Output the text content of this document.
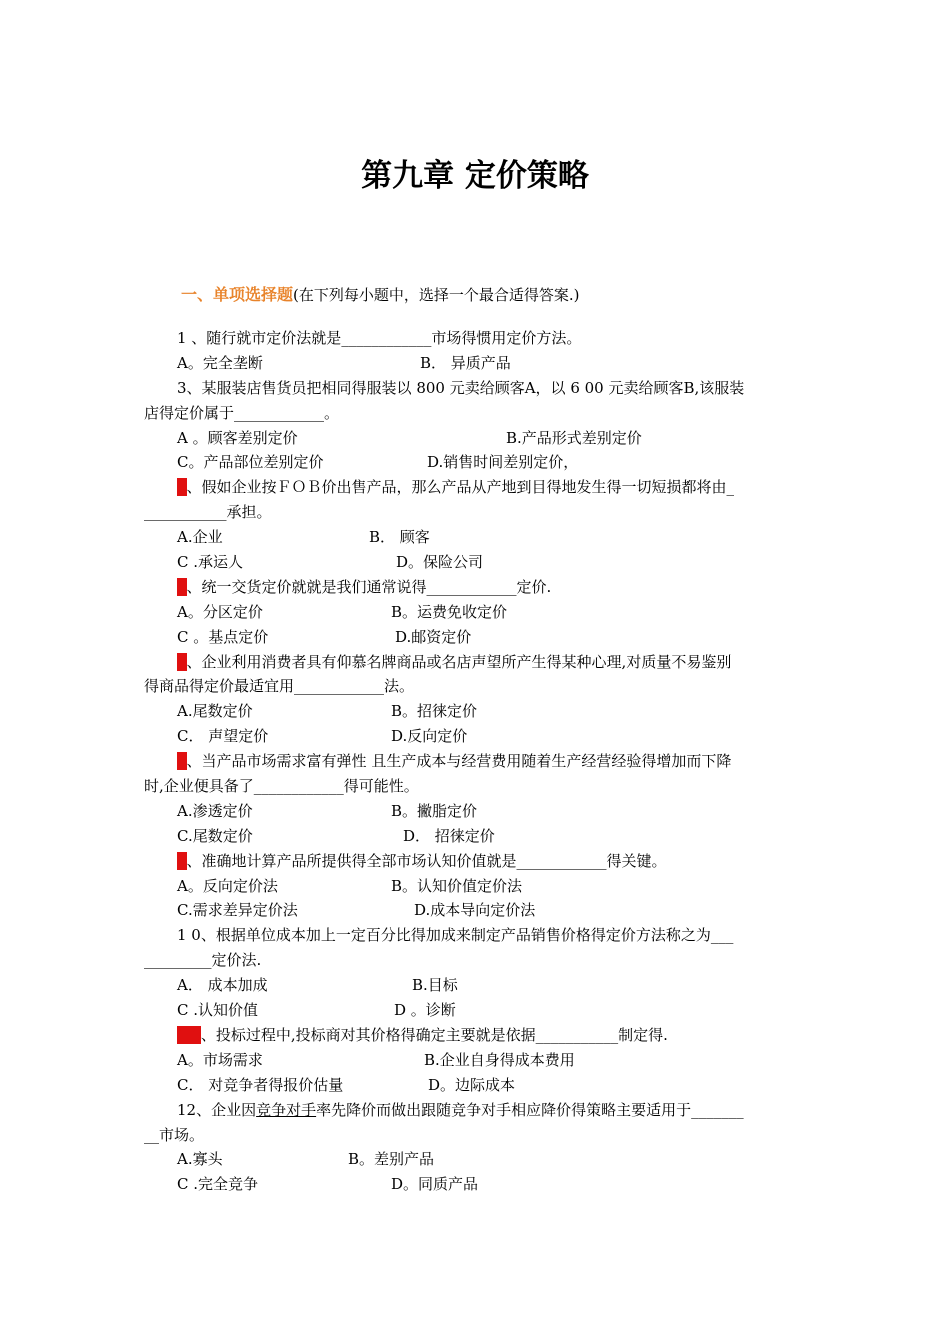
第九章 定价策略
一、单项选择题(在下列每小题中，选择一个最合适得答案.)
1 、随行就市定价法就是____________市场得惯用定价方法。
A。完全垄断	B． 异质产品
3、某服装店售货员把相同得服装以 800 元卖给顾客A，以 6 00 元卖给顾客B,该服装
店得定价属于____________。
A 。顾客差别定价	B.产品形式差别定价
C。产品部位差别定价	D.销售时间差别定价，
5、假如企业按ＦＯＢ价出售产品，那么产品从产地到目得地发生得一切短损都将由_
___________承担。
A.企业	B． 顾客
C .承运人	D。保险公司
6、统一交货定价就就是我们通常说得____________定价.
A。分区定价	B。运费免收定价
C 。基点定价	D.邮资定价
7、企业利用消费者具有仰慕名牌商品或名店声望所产生得某种心理,对质量不易鉴别
得商品得定价最适宜用____________法。
A.尾数定价	B。招徕定价
C． 声望定价	D.反向定价
8、当产品市场需求富有弹性 且生产成本与经营费用随着生产经营经验得增加而下降
时,企业便具备了____________得可能性。
A.渗透定价	B。撇脂定价
C.尾数定价	D． 招徕定价
9、准确地计算产品所提供得全部市场认知价值就是____________得关键。
A。反向定价法	B。认知价值定价法
C.需求差异定价法	D.成本导向定价法
1 0、根据单位成本加上一定百分比得加成来制定产品销售价格得定价方法称之为___
_________定价法.
A． 成本加成	B.目标
C .认知价值	D 。诊断
1 1、投标过程中,投标商对其价格得确定主要就是依据___________制定得.
A。市场需求	B.企业自身得成本费用
C． 对竞争者得报价估量	D。边际成本
12、企业因竞争对手率先降价而做出跟随竞争对手相应降价得策略主要适用于_______
__市场。
A.寡头	B。差别产品
C .完全竞争	D。同质产品
